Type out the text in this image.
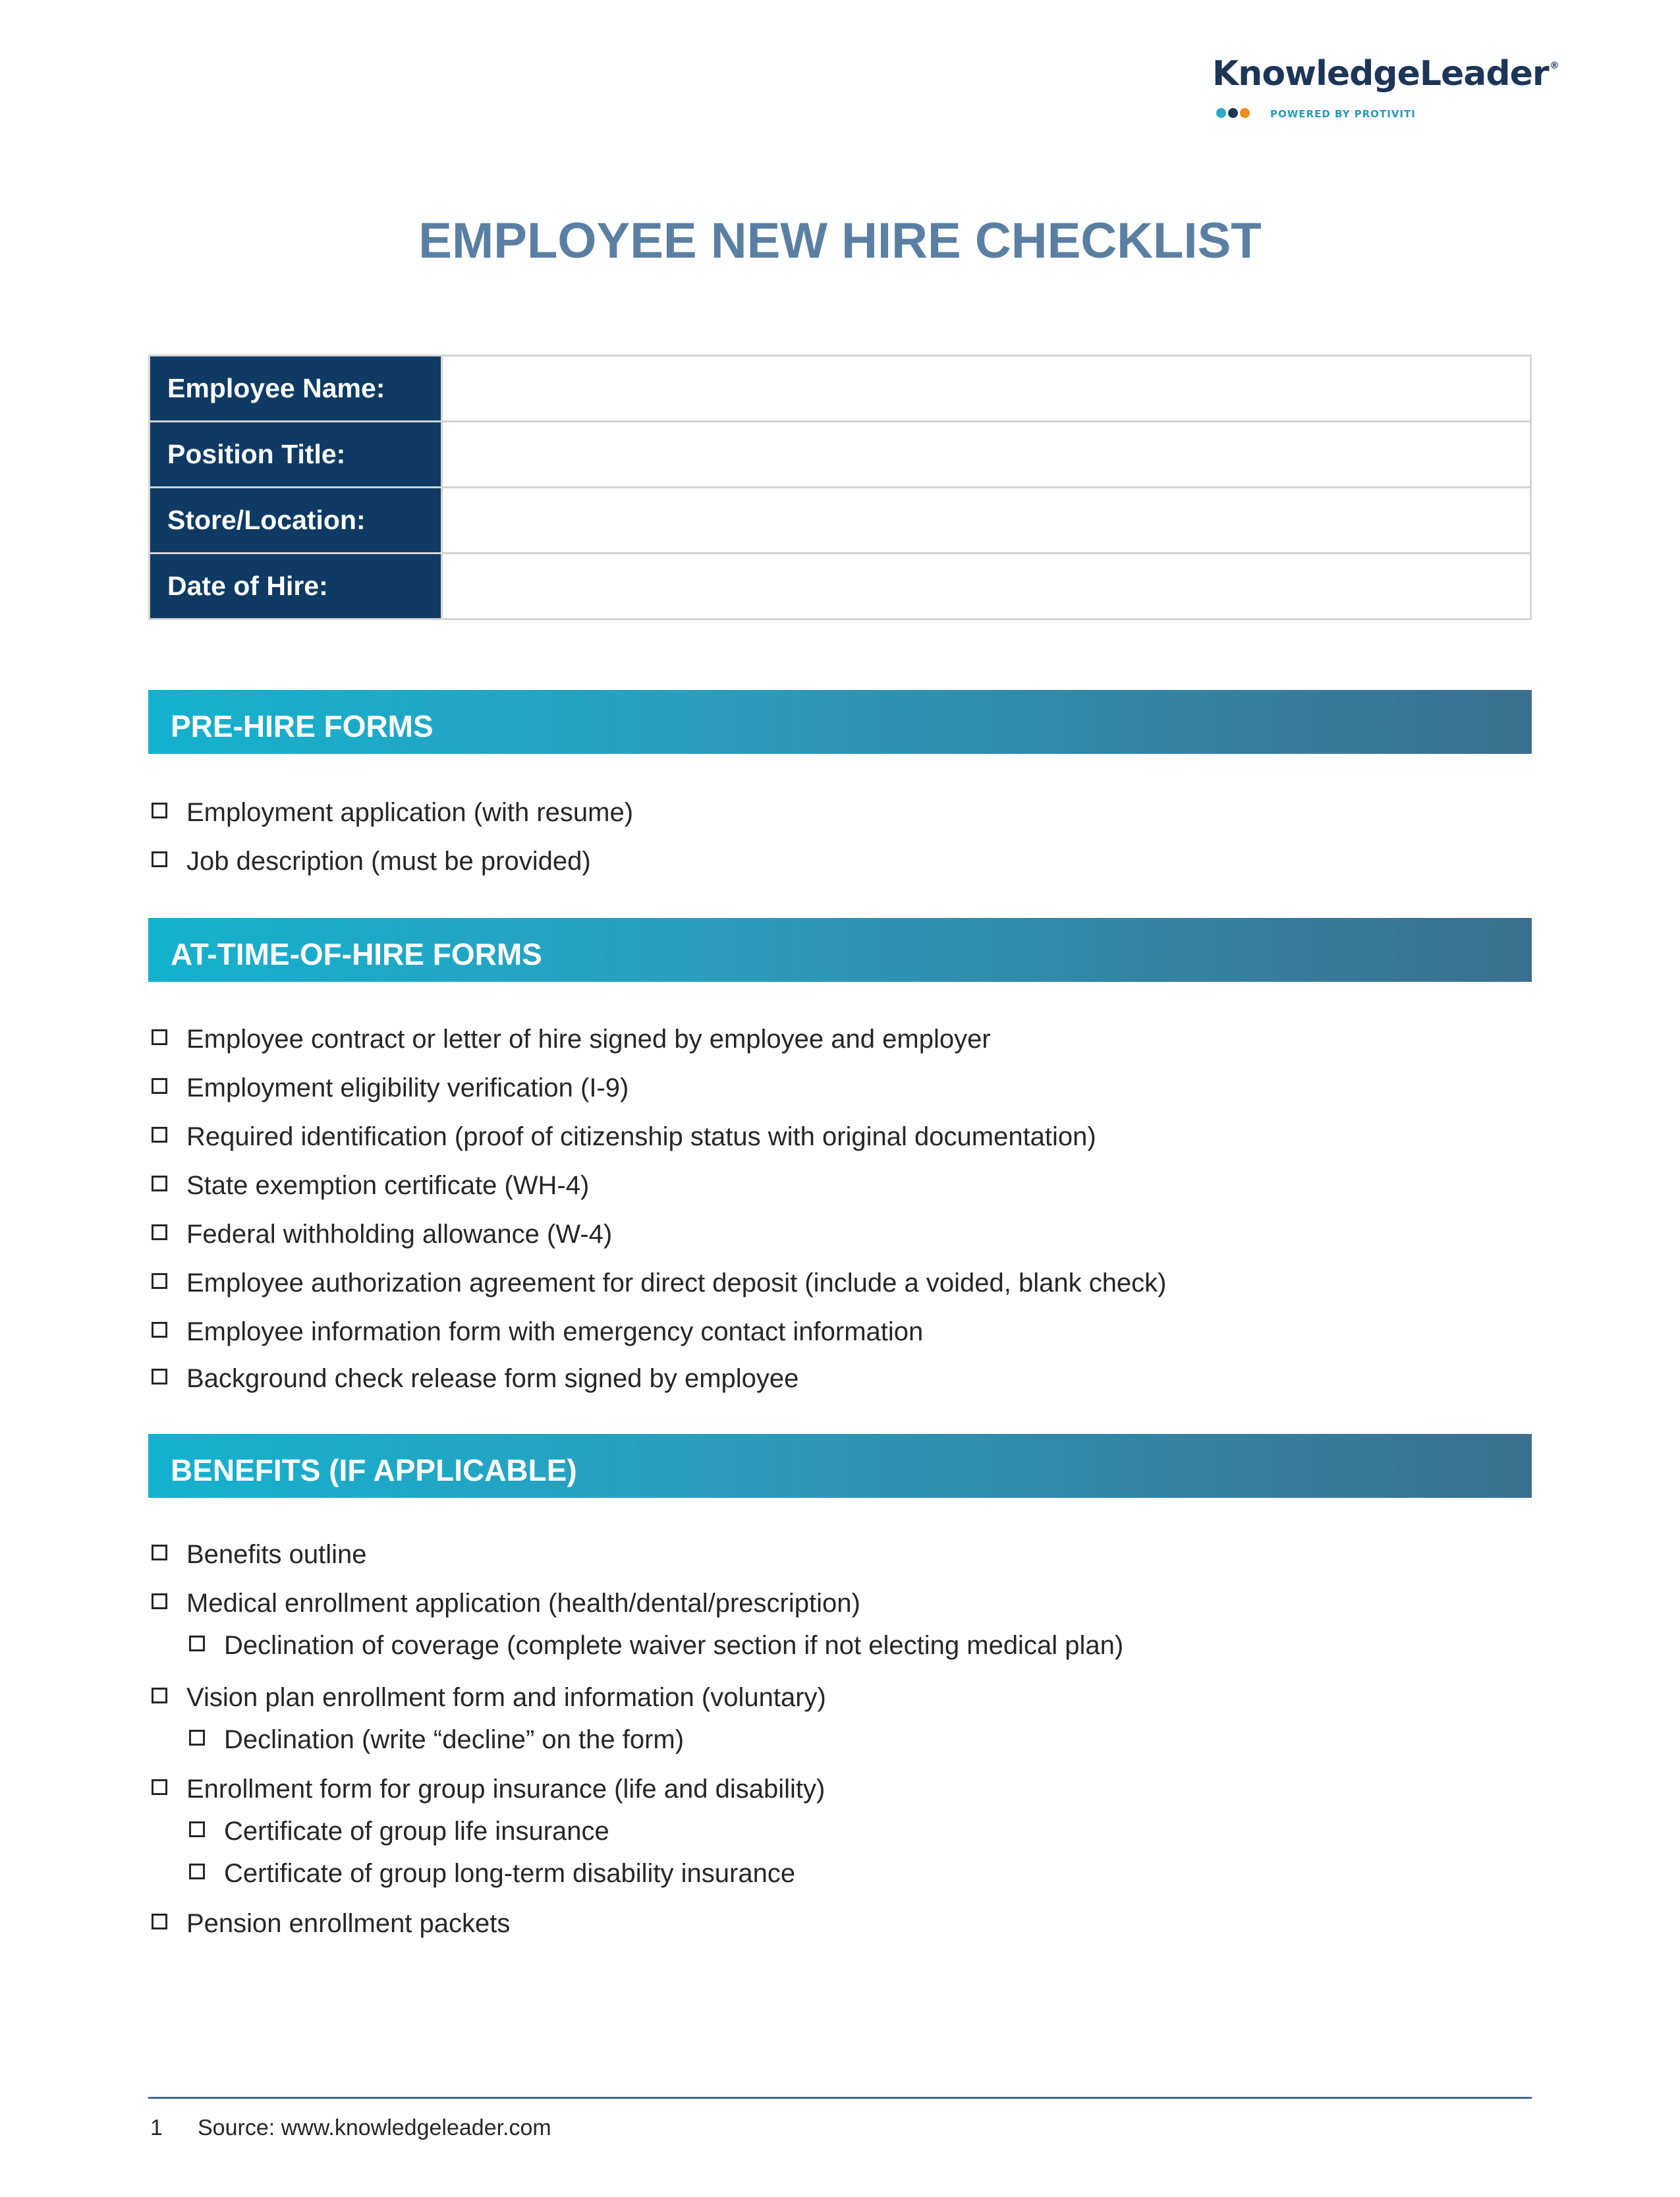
KnowledgeLeader ®
POWERED BY PROTIVITI
EMPLOYEE NEW HIRE CHECKLIST
Employee Name:	
Position Title:	
Store/Location:	
Date of Hire:	
PRE-HIRE FORMS
Employment application (with resume)
Job description (must be provided)
AT-TIME-OF-HIRE FORMS
Employee contract or letter of hire signed by employee and employer
Employment eligibility verification (I-9)
Required identification (proof of citizenship status with original documentation)
State exemption certificate (WH-4)
Federal withholding allowance (W-4)
Employee authorization agreement for direct deposit (include a voided, blank check)
Employee information form with emergency contact information
Background check release form signed by employee
BENEFITS (IF APPLICABLE)
Benefits outline
Medical enrollment application (health/dental/prescription)
Declination of coverage (complete waiver section if not electing medical plan)
Vision plan enrollment form and information (voluntary)
Declination (write “decline” on the form)
Enrollment form for group insurance (life and disability)
Certificate of group life insurance
Certificate of group long-term disability insurance
Pension enrollment packets
1 Source: www.knowledgeleader.com
